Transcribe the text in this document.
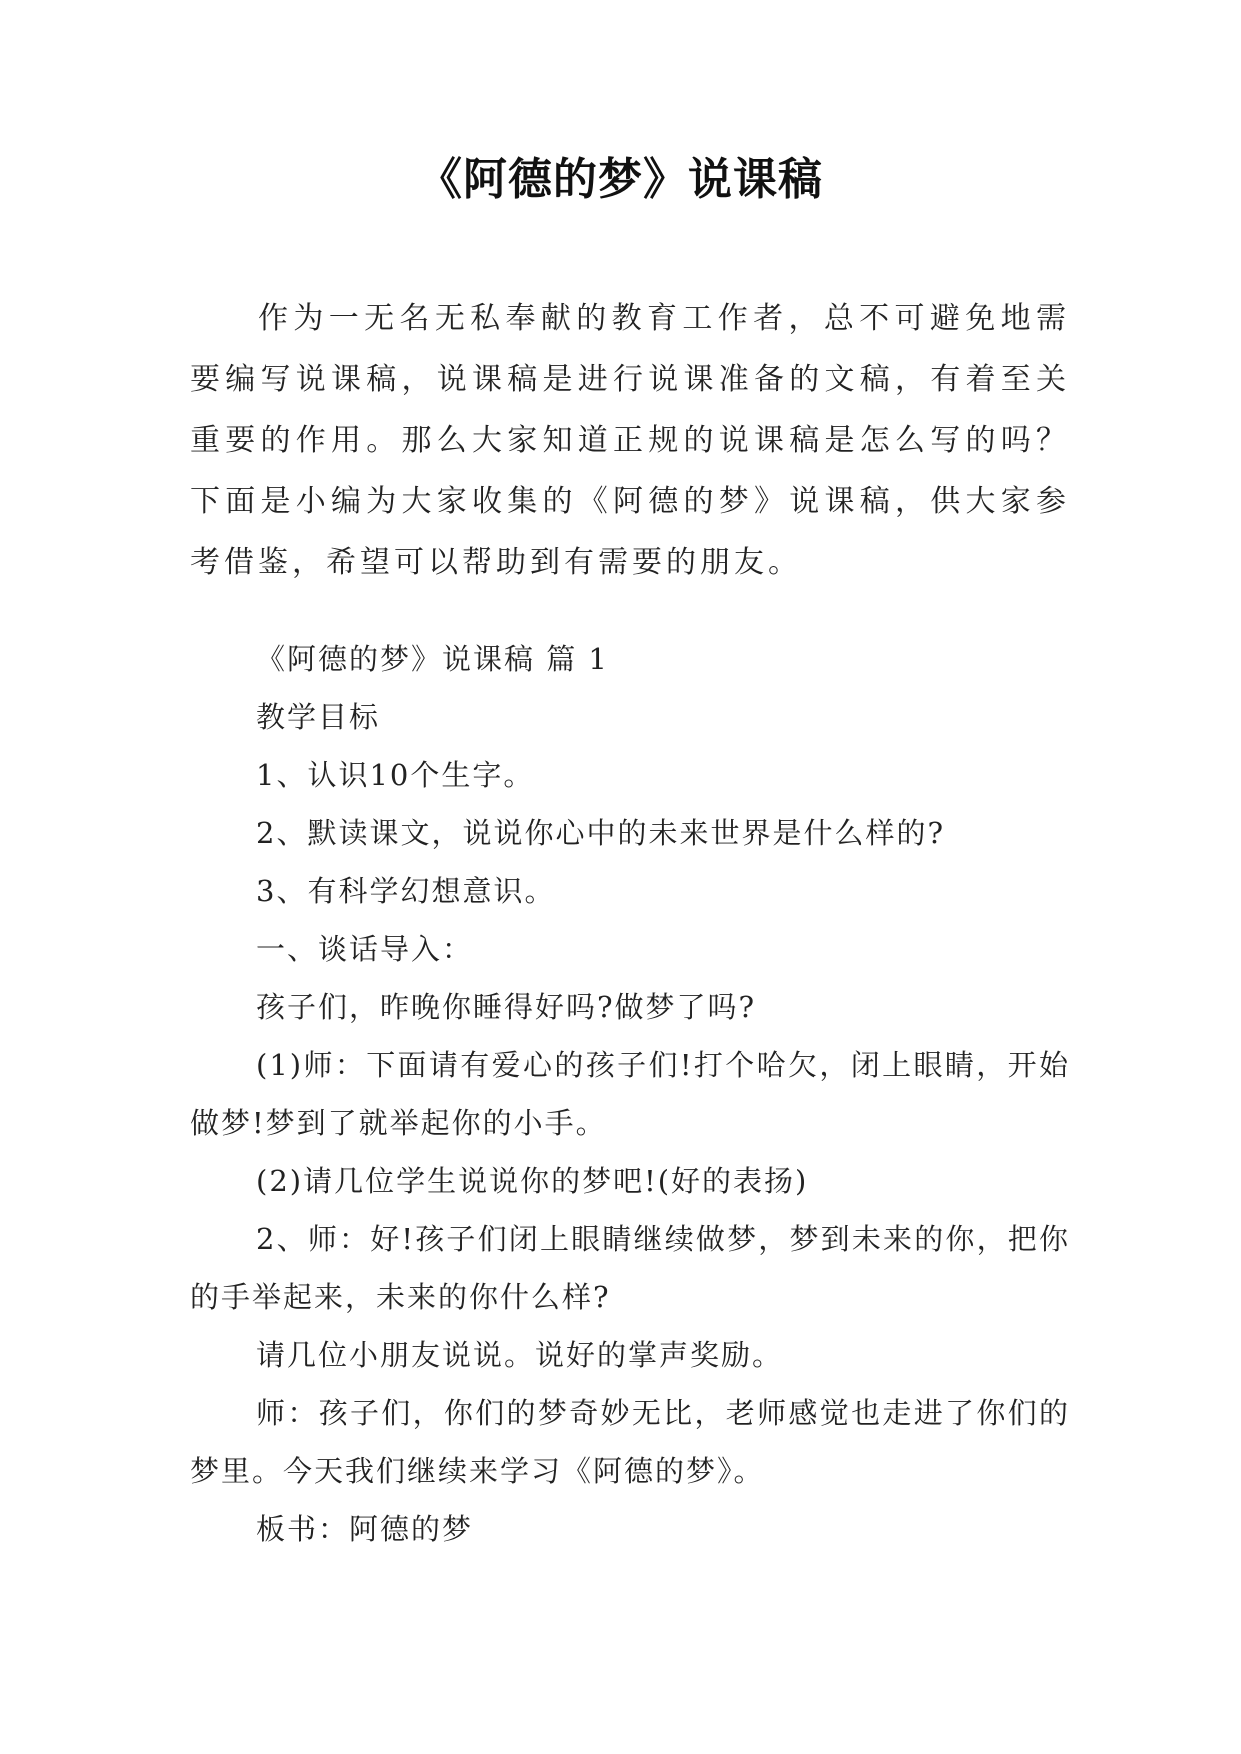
《阿德的梦》说课稿

作为一无名无私奉献的教育工作者，总不可避免地需要编写说课稿，说课稿是进行说课准备的文稿，有着至关重要的作用。那么大家知道正规的说课稿是怎么写的吗？下面是小编为大家收集的《阿德的梦》说课稿，供大家参考借鉴，希望可以帮助到有需要的朋友。

《阿德的梦》说课稿 篇 1

教学目标

1、认识10个生字。

2、默读课文，说说你心中的未来世界是什么样的?

3、有科学幻想意识。

一、谈话导入：

孩子们，昨晚你睡得好吗?做梦了吗?

(1)师：下面请有爱心的孩子们!打个哈欠，闭上眼睛，开始做梦!梦到了就举起你的小手。

(2)请几位学生说说你的梦吧!(好的表扬)

2、师：好!孩子们闭上眼睛继续做梦，梦到未来的你，把你的手举起来，未来的你什么样?

请几位小朋友说说。说好的掌声奖励。

师：孩子们，你们的梦奇妙无比，老师感觉也走进了你们的梦里。今天我们继续来学习《阿德的梦》。

板书：阿德的梦
